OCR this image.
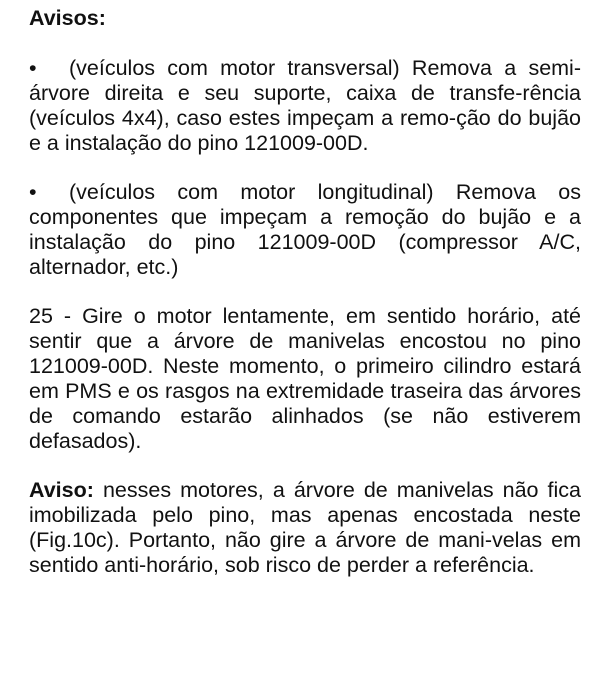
Avisos:

• (veículos com motor transversal) Remova a semi-árvore direita e seu suporte, caixa de transfe-rência (veículos 4x4), caso estes impeçam a remo-ção do bujão e a instalação do pino 121009-00D.

• (veículos com motor longitudinal) Remova os componentes que impeçam a remoção do bujão e a instalação do pino 121009-00D (compressor A/C, alternador, etc.)

25 - Gire o motor lentamente, em sentido horário, até sentir que a árvore de manivelas encostou no pino 121009-00D. Neste momento, o primeiro cilindro estará em PMS e os rasgos na extremidade traseira das árvores de comando estarão alinhados (se não estiverem defasados).

Aviso: nesses motores, a árvore de manivelas não fica imobilizada pelo pino, mas apenas encostada neste (Fig.10c). Portanto, não gire a árvore de mani-velas em sentido anti-horário, sob risco de perder a referência.
